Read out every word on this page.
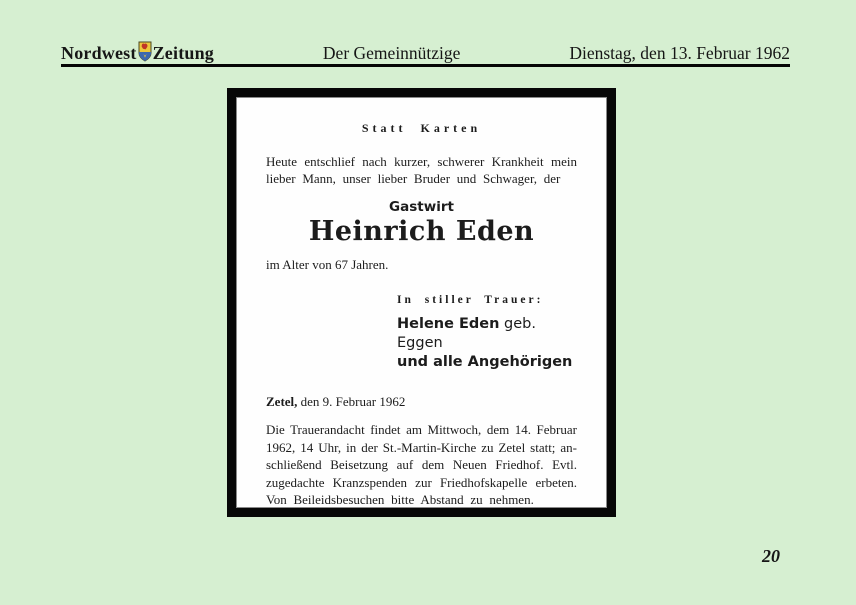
Nordwest Zeitung	Der Gemeinnützige	Dienstag, den 13. Februar 1962
Statt Karten
Heute entschlief nach kurzer, schwerer Krankheit mein
lieber Mann, unser lieber Bruder und Schwager, der
Gastwirt
Heinrich Eden
im Alter von 67 Jahren.
In stiller Trauer:
Helene Eden geb. Eggen
und alle Angehörigen
Zetel, den 9. Februar 1962
Die Trauerandacht findet am Mittwoch, dem 14. Februar
1962, 14 Uhr, in der St.-Martin-Kirche zu Zetel statt; an-
schließend Beisetzung auf dem Neuen Friedhof. Evtl.
zugedachte Kranzspenden zur Friedhofskapelle erbeten.
Von Beileidsbesuchen bitte Abstand zu nehmen.
20
